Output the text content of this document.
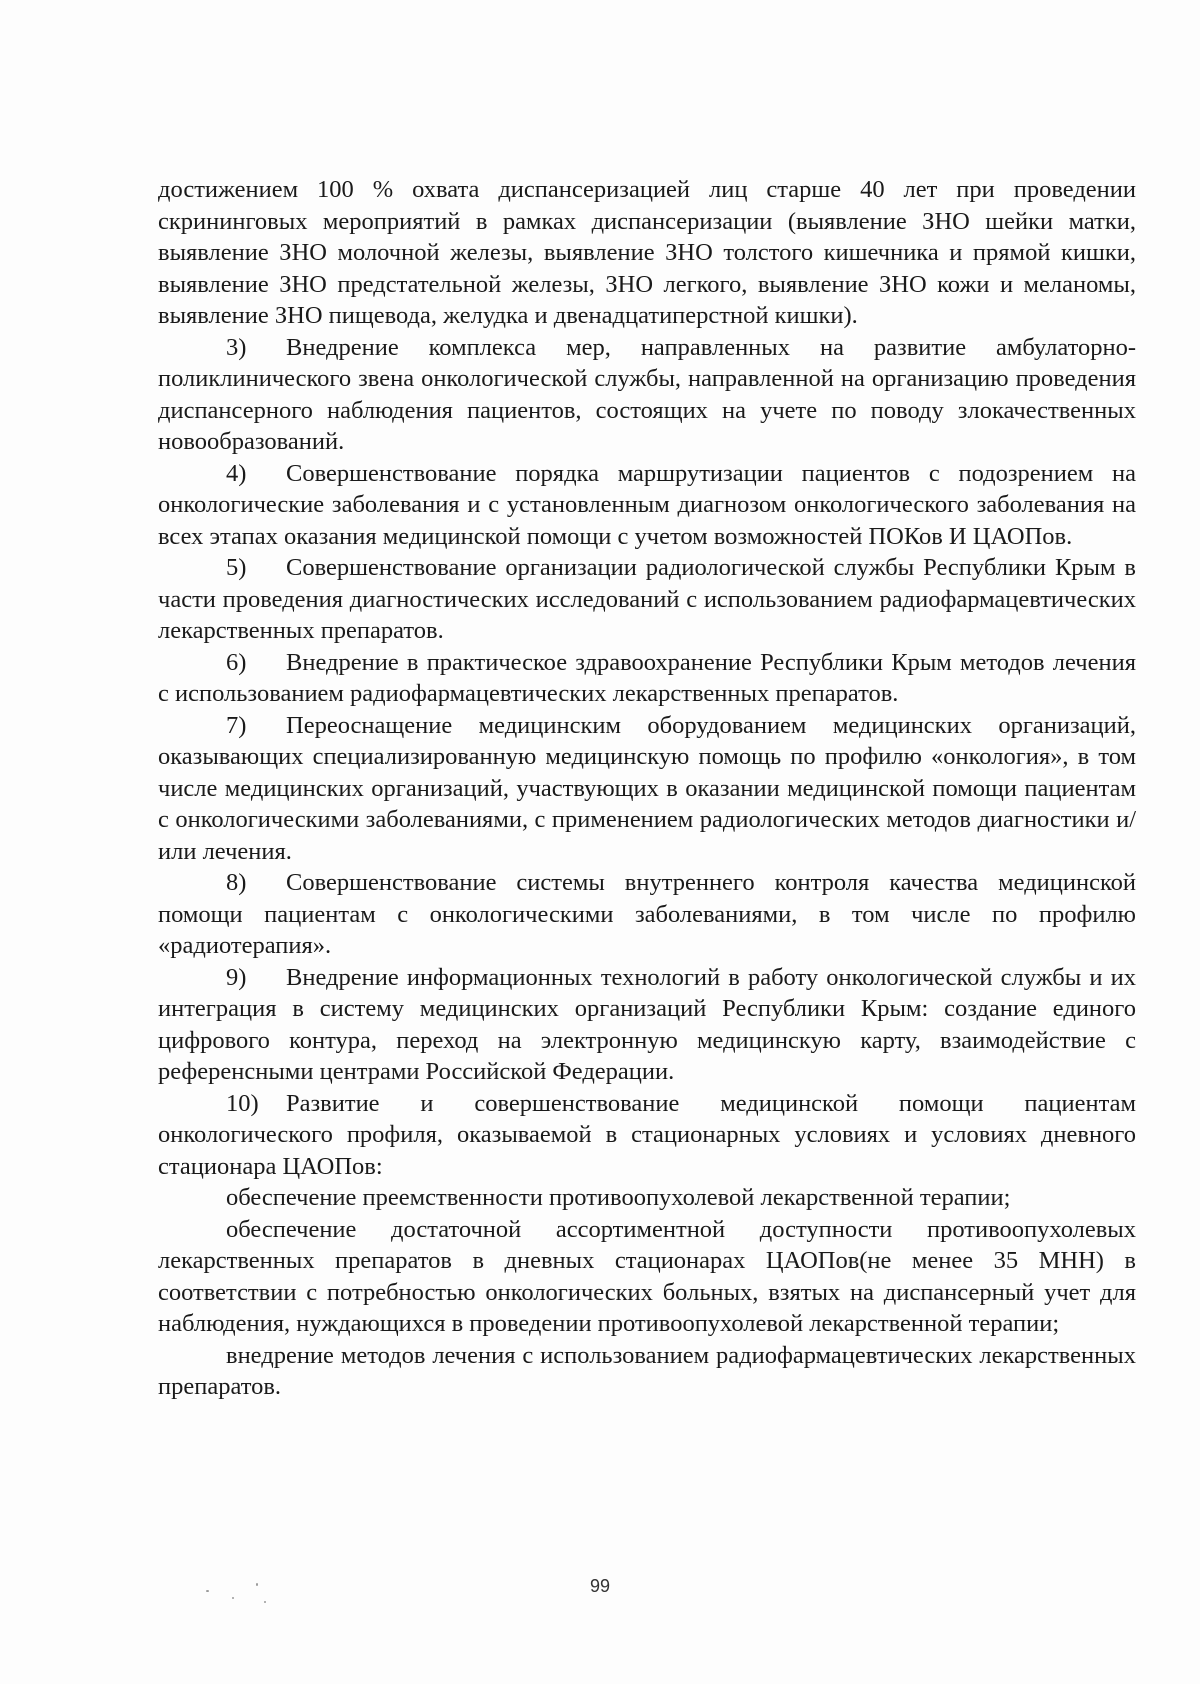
достижением 100 % охвата диспансеризацией лиц старше 40 лет при проведении скрининговых мероприятий в рамках диспансеризации (выявление ЗНО шейки матки, выявление ЗНО молочной железы, выявление ЗНО толстого кишечника и прямой кишки, выявление ЗНО предстательной железы, ЗНО легкого, выявление ЗНО кожи и меланомы, выявление ЗНО пищевода, желудка и двенадцатиперстной кишки).

3) Внедрение комплекса мер, направленных на развитие амбулаторно-поликлинического звена онкологической службы, направленной на организацию проведения диспансерного наблюдения пациентов, состоящих на учете по поводу злокачественных новообразований.

4) Совершенствование порядка маршрутизации пациентов с подозрением на онкологические заболевания и с установленным диагнозом онкологического заболевания на всех этапах оказания медицинской помощи с учетом возможностей ПОКов И ЦАОПов.

5) Совершенствование организации радиологической службы Республики Крым в части проведения диагностических исследований с использованием радиофармацевтических лекарственных препаратов.

6) Внедрение в практическое здравоохранение Республики Крым методов лечения с использованием радиофармацевтических лекарственных препаратов.

7) Переоснащение медицинским оборудованием медицинских организаций, оказывающих специализированную медицинскую помощь по профилю «онкология», в том числе медицинских организаций, участвующих в оказании медицинской помощи пациентам с онкологическими заболеваниями, с применением радиологических методов диагностики и/или лечения.

8) Совершенствование системы внутреннего контроля качества медицинской помощи пациентам с онкологическими заболеваниями, в том числе по профилю «радиотерапия».

9) Внедрение информационных технологий в работу онкологической службы и их интеграция в систему медицинских организаций Республики Крым: создание единого цифрового контура, переход на электронную медицинскую карту, взаимодействие с референсными центрами Российской Федерации.

10) Развитие и совершенствование медицинской помощи пациентам онкологического профиля, оказываемой в стационарных условиях и условиях дневного стационара ЦАОПов:

обеспечение преемственности противоопухолевой лекарственной терапии;

обеспечение достаточной ассортиментной доступности противоопухолевых лекарственных препаратов в дневных стационарах ЦАОПов(не менее 35 МНН) в соответствии с потребностью онкологических больных, взятых на диспансерный учет для наблюдения, нуждающихся в проведении противоопухолевой лекарственной терапии;

внедрение методов лечения с использованием радиофармацевтических лекарственных препаратов.

99
